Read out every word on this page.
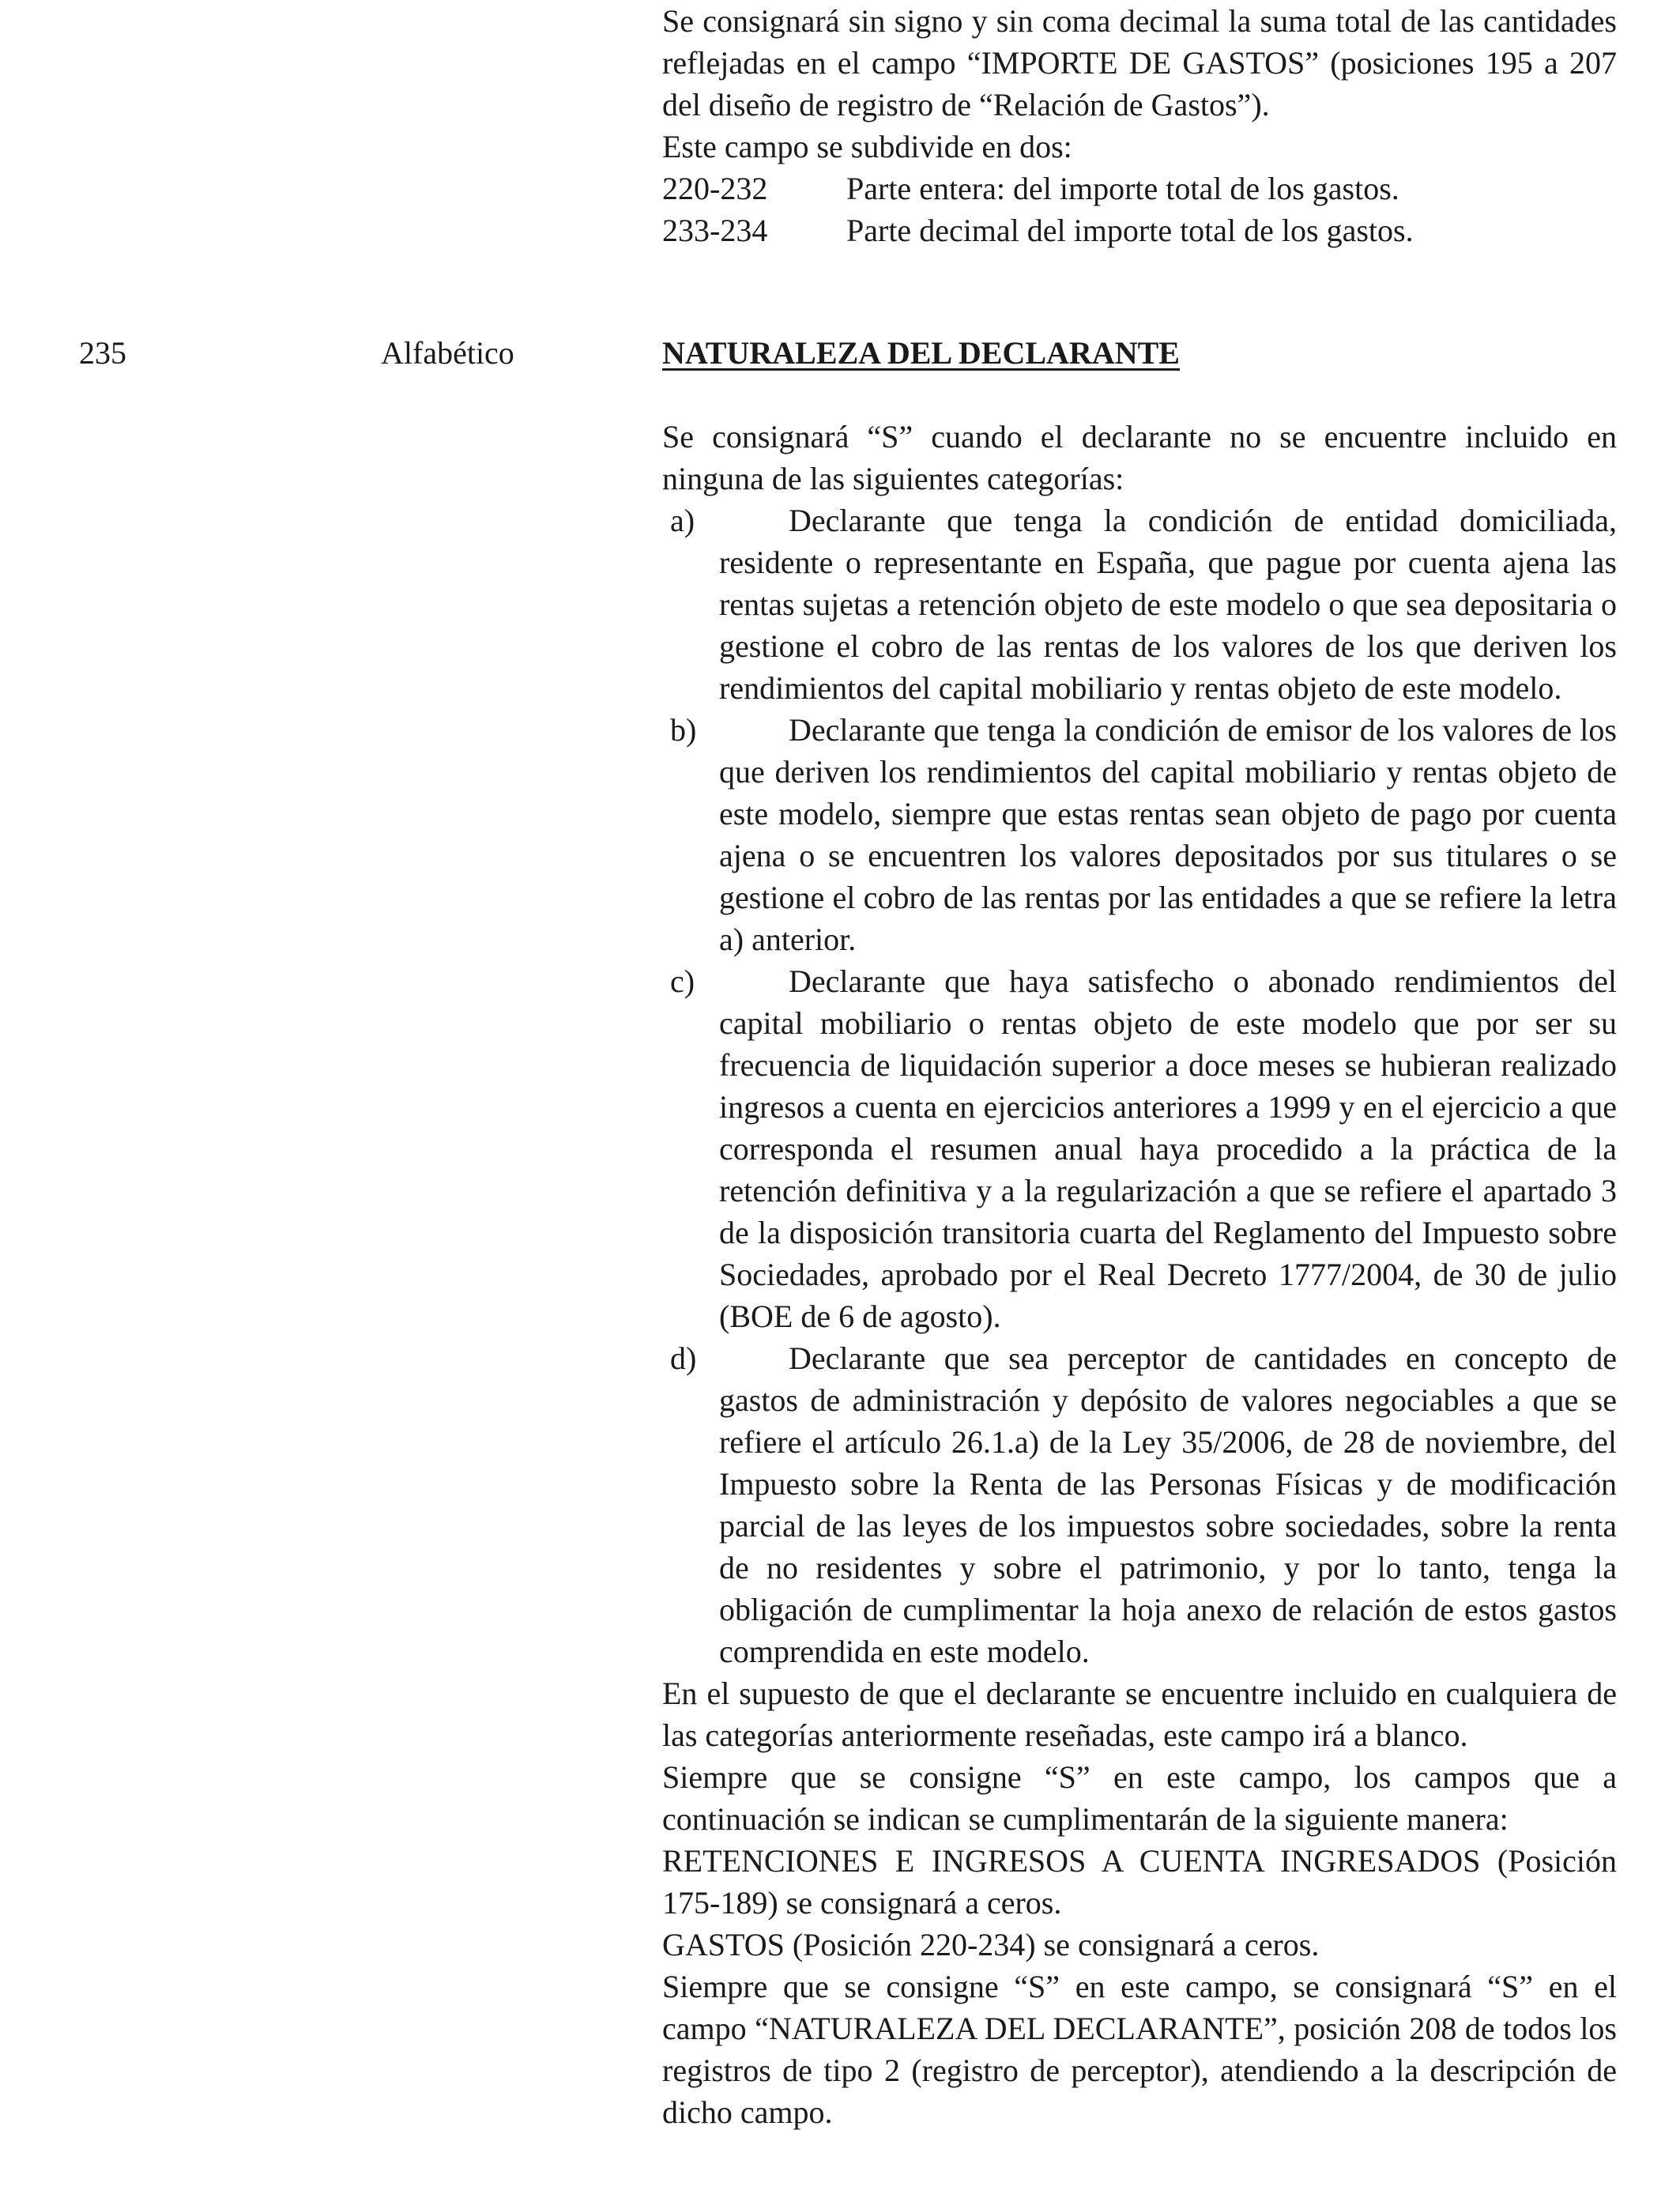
Se consignará sin signo y sin coma decimal la suma total de las cantidades reflejadas en el campo “IMPORTE DE GASTOS” (posiciones 195 a 207 del diseño de registro de “Relación de Gastos”).

Este campo se subdivide en dos:

220-232	Parte entera: del importe total de los gastos.
233-234	Parte decimal del importe total de los gastos.
235	Alfabético	NATURALEZA DEL DECLARANTE

Se consignará “S” cuando el declarante no se encuentre incluido en ninguna de las siguientes categorías:

a)	Declarante que tenga la condición de entidad domiciliada, residente o representante en España, que pague por cuenta ajena las rentas sujetas a retención objeto de este modelo o que sea depositaria o gestione el cobro de las rentas de los valores de los que deriven los rendimientos del capital mobiliario y rentas objeto de este modelo.

b)	Declarante que tenga la condición de emisor de los valores de los que deriven los rendimientos del capital mobiliario y rentas objeto de este modelo, siempre que estas rentas sean objeto de pago por cuenta ajena o se encuentren los valores depositados por sus titulares o se gestione el cobro de las rentas por las entidades a que se refiere la letra a) anterior.

c)	Declarante que haya satisfecho o abonado rendimientos del capital mobiliario o rentas objeto de este modelo que por ser su frecuencia de liquidación superior a doce meses se hubieran realizado ingresos a cuenta en ejercicios anteriores a 1999 y en el ejercicio a que corresponda el resumen anual haya procedido a la práctica de la retención definitiva y a la regularización a que se refiere el apartado 3 de la disposición transitoria cuarta del Reglamento del Impuesto sobre Sociedades, aprobado por el Real Decreto 1777/2004, de 30 de julio (BOE de 6 de agosto).

d)	Declarante que sea perceptor de cantidades en concepto de gastos de administración y depósito de valores negociables a que se refiere el artículo 26.1.a) de la Ley 35/2006, de 28 de noviembre, del Impuesto sobre la Renta de las Personas Físicas y de modificación parcial de las leyes de los impuestos sobre sociedades, sobre la renta de no residentes y sobre el patrimonio, y por lo tanto, tenga la obligación de cumplimentar la hoja anexo de relación de estos gastos comprendida en este modelo.

En el supuesto de que el declarante se encuentre incluido en cualquiera de las categorías anteriormente reseñadas, este campo irá a blanco.

Siempre que se consigne “S” en este campo, los campos que a continuación se indican se cumplimentarán de la siguiente manera:

RETENCIONES E INGRESOS A CUENTA INGRESADOS (Posición 175-189) se consignará a ceros.

GASTOS (Posición 220-234) se consignará a ceros.

Siempre que se consigne “S” en este campo, se consignará “S” en el campo “NATURALEZA DEL DECLARANTE”, posición 208 de todos los registros de tipo 2 (registro de perceptor), atendiendo a la descripción de dicho campo.
